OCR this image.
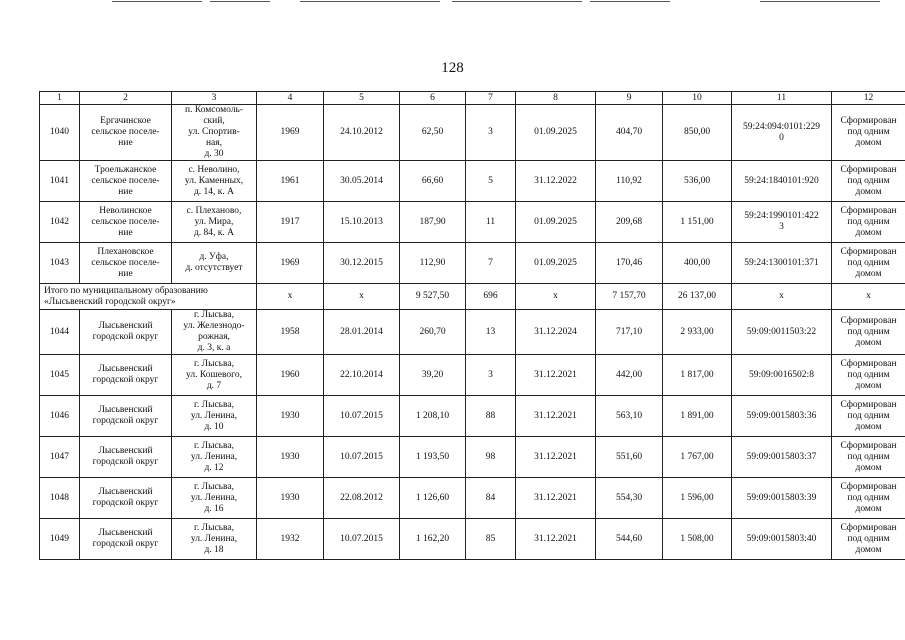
128
1	2	3	4	5	6	7	8	9	10	11	12
1040	Ергачинское
сельское поселе-
ние	п. Комсомоль-
ский,
ул. Спортив-
ная,
д. 30	1969	24.10.2012	62,50	3	01.09.2025	404,70	850,00	59:24:094:0101:229
0	Сформирован
под одним
домом
1041	Троельжанское
сельское поселе-
ние	с. Неволино,
ул. Каменных,
д. 14, к. А	1961	30.05.2014	66,60	5	31.12.2022	110,92	536,00	59:24:1840101:920	Сформирован
под одним
домом
1042	Неволинское
сельское поселе-
ние	с. Плеханово,
ул. Мира,
д. 84, к. А	1917	15.10.2013	187,90	11	01.09.2025	209,68	1 151,00	59:24:1990101:422
3	Сформирован
под одним
домом
1043	Плехановское
сельское поселе-
ние	д. Уфа,
д. отсутствует	1969	30.12.2015	112,90	7	01.09.2025	170,46	400,00	59:24:1300101:371	Сформирован
под одним
домом
Итого по муниципальному образованию
«Лысьвенский городской округ»			х	х	9 527,50	696	х	7 157,70	26 137,00	х	х
1044	Лысьвенский
городской округ	г. Лысьва,
ул. Железнодо-
рожная,
д. 3, к. а	1958	28.01.2014	260,70	13	31.12.2024	717,10	2 933,00	59:09:0011503:22	Сформирован
под одним
домом
1045	Лысьвенский
городской округ	г. Лысьва,
ул. Кошевого,
д. 7	1960	22.10.2014	39,20	3	31.12.2021	442,00	1 817,00	59:09:0016502:8	Сформирован
под одним
домом
1046	Лысьвенский
городской округ	г. Лысьва,
ул. Ленина,
д. 10	1930	10.07.2015	1 208,10	88	31.12.2021	563,10	1 891,00	59:09:0015803:36	Сформирован
под одним
домом
1047	Лысьвенский
городской округ	г. Лысьва,
ул. Ленина,
д. 12	1930	10.07.2015	1 193,50	98	31.12.2021	551,60	1 767,00	59:09:0015803:37	Сформирован
под одним
домом
1048	Лысьвенский
городской округ	г. Лысьва,
ул. Ленина,
д. 16	1930	22.08.2012	1 126,60	84	31.12.2021	554,30	1 596,00	59:09:0015803:39	Сформирован
под одним
домом
1049	Лысьвенский
городской округ	г. Лысьва,
ул. Ленина,
д. 18	1932	10.07.2015	1 162,20	85	31.12.2021	544,60	1 508,00	59:09:0015803:40	Сформирован
под одним
домом
